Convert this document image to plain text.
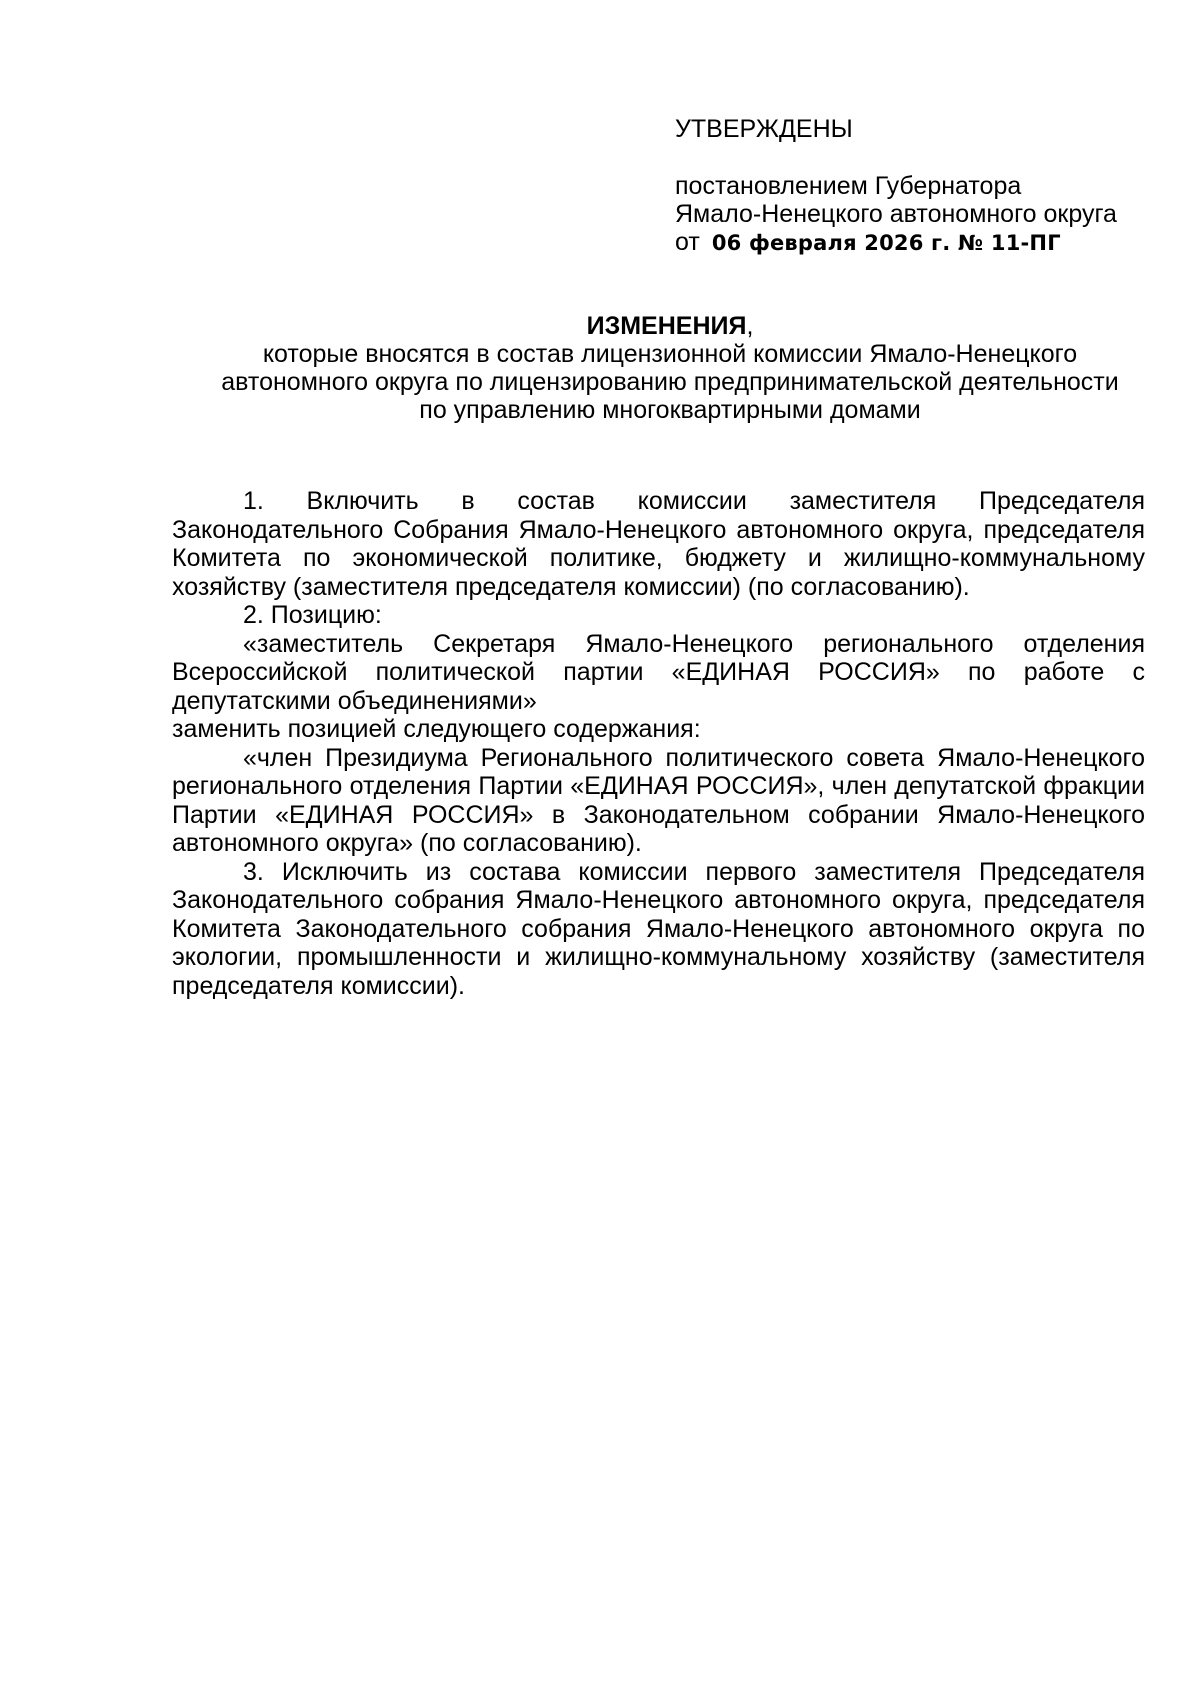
УТВЕРЖДЕНЫ
постановлением Губернатора
Ямало-Ненецкого автономного округа
от 06 февраля 2026 г. № 11-ПГ
ИЗМЕНЕНИЯ,
которые вносятся в состав лицензионной комиссии Ямало-Ненецкого
автономного округа по лицензированию предпринимательской деятельности
по управлению многоквартирными домами

1. Включить в состав комиссии заместителя Председателя Законодательного Собрания Ямало-Ненецкого автономного округа, председателя Комитета по экономической политике, бюджету и жилищно-коммунальному хозяйству (заместителя председателя комиссии) (по согласованию).

2. Позицию:

«заместитель Секретаря Ямало-Ненецкого регионального отделения Всероссийской политической партии «ЕДИНАЯ РОССИЯ» по работе с депутатскими объединениями»

заменить позицией следующего содержания:

«член Президиума Регионального политического совета Ямало-Ненецкого регионального отделения Партии «ЕДИНАЯ РОССИЯ», член депутатской фракции Партии «ЕДИНАЯ РОССИЯ» в Законодательном собрании Ямало-Ненецкого автономного округа» (по согласованию).

3. Исключить из состава комиссии первого заместителя Председателя Законодательного собрания Ямало-Ненецкого автономного округа, председателя Комитета Законодательного собрания Ямало-Ненецкого автономного округа по экологии, промышленности и жилищно-коммунальному хозяйству (заместителя председателя комиссии).
